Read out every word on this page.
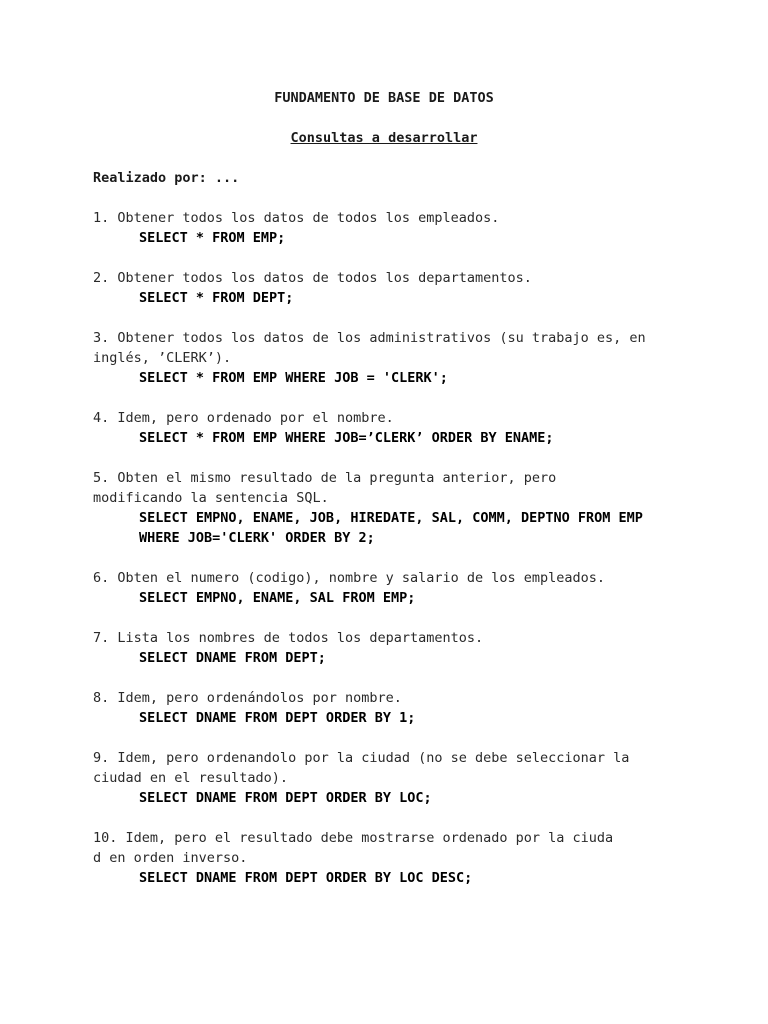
FUNDAMENTO DE BASE DE DATOS
Consultas a desarrollar
Realizado por: ...
1. Obtener todos los datos de todos los empleados.
SELECT * FROM EMP;
2. Obtener todos los datos de todos los departamentos.
SELECT * FROM DEPT;
3. Obtener todos los datos de los administrativos (su trabajo es, en
inglés, ’CLERK’).
SELECT * FROM EMP WHERE JOB = 'CLERK';
4. Idem, pero ordenado por el nombre.
SELECT * FROM EMP WHERE JOB=’CLERK’ ORDER BY ENAME;
5. Obten el mismo resultado de la pregunta anterior, pero
modificando la sentencia SQL.
SELECT EMPNO, ENAME, JOB, HIREDATE, SAL, COMM, DEPTNO FROM EMP
WHERE JOB='CLERK' ORDER BY 2;
6. Obten el numero (codigo), nombre y salario de los empleados.
SELECT EMPNO, ENAME, SAL FROM EMP;
7. Lista los nombres de todos los departamentos.
SELECT DNAME FROM DEPT;
8. Idem, pero ordenándolos por nombre.
SELECT DNAME FROM DEPT ORDER BY 1;
9. Idem, pero ordenandolo por la ciudad (no se debe seleccionar la
ciudad en el resultado).
SELECT DNAME FROM DEPT ORDER BY LOC;
10. Idem, pero el resultado debe mostrarse ordenado por la ciuda
d en orden inverso.
SELECT DNAME FROM DEPT ORDER BY LOC DESC;
